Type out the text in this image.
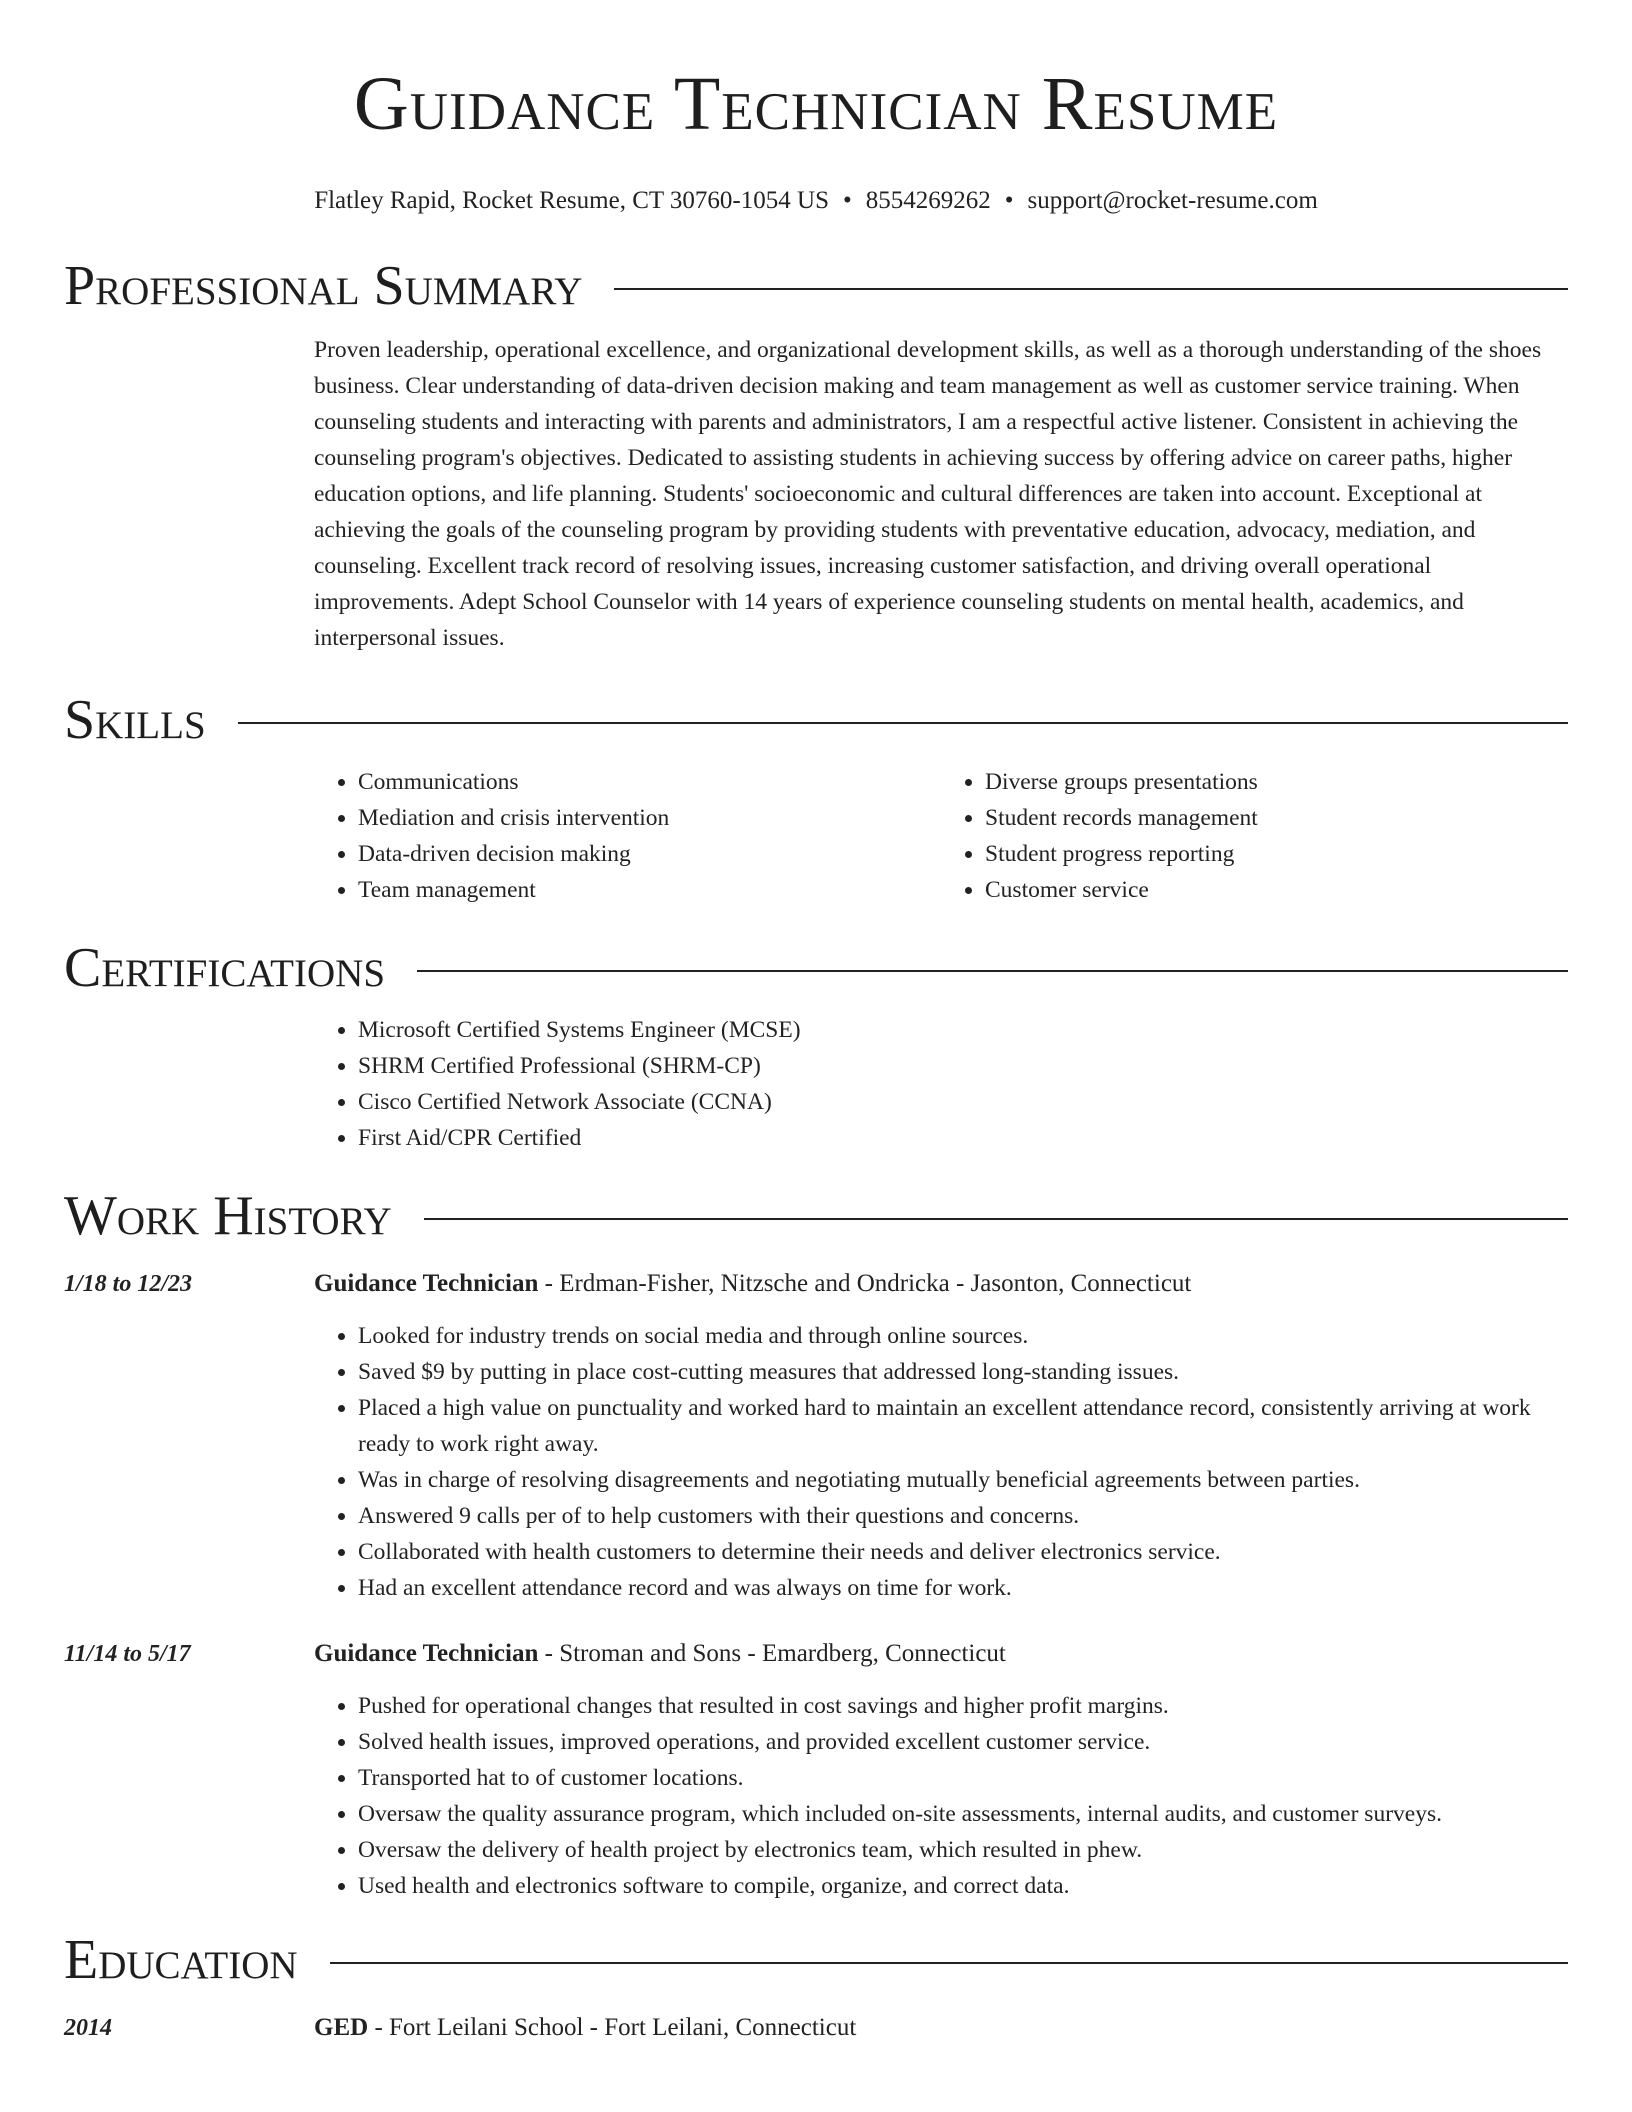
Guidance Technician Resume
Flatley Rapid, Rocket Resume, CT 30760-1054 US • 8554269262 • support@rocket-resume.com
Professional Summary
Proven leadership, operational excellence, and organizational development skills, as well as a thorough understanding of the shoes business. Clear understanding of data-driven decision making and team management as well as customer service training. When counseling students and interacting with parents and administrators, I am a respectful active listener. Consistent in achieving the counseling program's objectives. Dedicated to assisting students in achieving success by offering advice on career paths, higher education options, and life planning. Students' socioeconomic and cultural differences are taken into account. Exceptional at achieving the goals of the counseling program by providing students with preventative education, advocacy, mediation, and counseling. Excellent track record of resolving issues, increasing customer satisfaction, and driving overall operational improvements. Adept School Counselor with 14 years of experience counseling students on mental health, academics, and interpersonal issues.
Skills
• Communications
• Mediation and crisis intervention
• Data-driven decision making
• Team management
• Diverse groups presentations
• Student records management
• Student progress reporting
• Customer service
Certifications
• Microsoft Certified Systems Engineer (MCSE)
• SHRM Certified Professional (SHRM-CP)
• Cisco Certified Network Associate (CCNA)
• First Aid/CPR Certified
Work History
1/18 to 12/23	Guidance Technician - Erdman-Fisher, Nitzsche and Ondricka - Jasonton, Connecticut
• Looked for industry trends on social media and through online sources.
• Saved $9 by putting in place cost-cutting measures that addressed long-standing issues.
• Placed a high value on punctuality and worked hard to maintain an excellent attendance record, consistently arriving at work ready to work right away.
• Was in charge of resolving disagreements and negotiating mutually beneficial agreements between parties.
• Answered 9 calls per of to help customers with their questions and concerns.
• Collaborated with health customers to determine their needs and deliver electronics service.
• Had an excellent attendance record and was always on time for work.
11/14 to 5/17	Guidance Technician - Stroman and Sons - Emardberg, Connecticut
• Pushed for operational changes that resulted in cost savings and higher profit margins.
• Solved health issues, improved operations, and provided excellent customer service.
• Transported hat to of customer locations.
• Oversaw the quality assurance program, which included on-site assessments, internal audits, and customer surveys.
• Oversaw the delivery of health project by electronics team, which resulted in phew.
• Used health and electronics software to compile, organize, and correct data.
Education
2014	GED - Fort Leilani School - Fort Leilani, Connecticut
